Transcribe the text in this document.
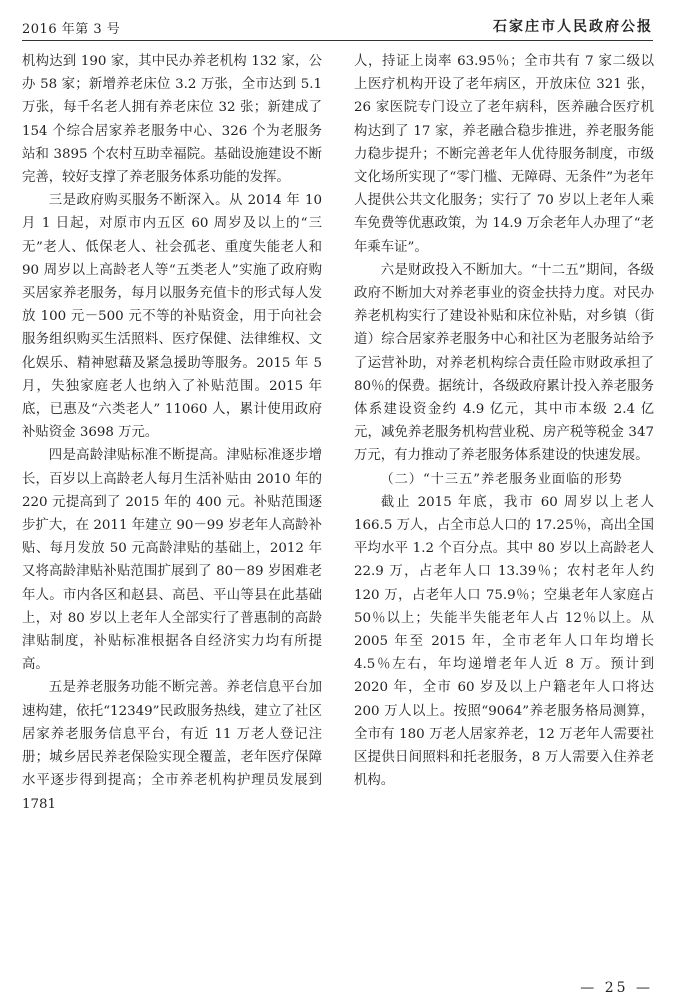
2016 年第 3 号	石家庄市人民政府公报

机构达到 190 家，其中民办养老机构 132 家，公办 58 家；新增养老床位 3.2 万张，全市达到 5.1 万张，每千名老人拥有养老床位 32 张；新建成了 154 个综合居家养老服务中心、326 个为老服务站和 3895 个农村互助幸福院。基础设施建设不断完善，较好支撑了养老服务体系功能的发挥。

三是政府购买服务不断深入。从 2014 年 10 月 1 日起，对原市内五区 60 周岁及以上的“三无”老人、低保老人、社会孤老、重度失能老人和 90 周岁以上高龄老人等“五类老人”实施了政府购买居家养老服务，每月以服务充值卡的形式每人发放 100 元－500 元不等的补贴资金，用于向社会服务组织购买生活照料、医疗保健、法律维权、文化娱乐、精神慰藉及紧急援助等服务。2015 年 5 月，失独家庭老人也纳入了补贴范围。2015 年底，已惠及“六类老人” 11060 人，累计使用政府补贴资金 3698 万元。

四是高龄津贴标准不断提高。津贴标准逐步增长，百岁以上高龄老人每月生活补贴由 2010 年的 220 元提高到了 2015 年的 400 元。补贴范围逐步扩大，在 2011 年建立 90－99 岁老年人高龄补贴、每月发放 50 元高龄津贴的基础上，2012 年又将高龄津贴补贴范围扩展到了 80－89 岁困难老年人。市内各区和赵县、高邑、平山等县在此基础上，对 80 岁以上老年人全部实行了普惠制的高龄津贴制度，补贴标准根据各自经济实力均有所提高。

五是养老服务功能不断完善。养老信息平台加速构建，依托“12349”民政服务热线，建立了社区居家养老服务信息平台，有近 11 万老人登记注册；城乡居民养老保险实现全覆盖，老年医疗保障水平逐步得到提高；全市养老机构护理员发展到 1781

人，持证上岗率 63.95％；全市共有 7 家二级以上医疗机构开设了老年病区，开放床位 321 张，26 家医院专门设立了老年病科，医养融合医疗机构达到了 17 家，养老融合稳步推进，养老服务能力稳步提升；不断完善老年人优待服务制度，市级文化场所实现了“零门槛、无障碍、无条件”为老年人提供公共文化服务；实行了 70 岁以上老年人乘车免费等优惠政策，为 14.9 万余老年人办理了“老年乘车证”。

六是财政投入不断加大。“十二五”期间，各级政府不断加大对养老事业的资金扶持力度。对民办养老机构实行了建设补贴和床位补贴，对乡镇（街道）综合居家养老服务中心和社区为老服务站给予了运营补助，对养老机构综合责任险市财政承担了 80％的保费。据统计，各级政府累计投入养老服务体系建设资金约 4.9 亿元，其中市本级 2.4 亿元，减免养老服务机构营业税、房产税等税金 347 万元，有力推动了养老服务体系建设的快速发展。

（二）“十三五”养老服务业面临的形势

截止 2015 年底，我市 60 周岁以上老人 166.5 万人，占全市总人口的 17.25％，高出全国平均水平 1.2 个百分点。其中 80 岁以上高龄老人 22.9 万，占老年人口 13.39％；农村老年人约 120 万，占老年人口 75.9％；空巢老年人家庭占 50％以上；失能半失能老年人占 12％以上。从 2005 年至 2015 年，全市老年人口年均增长 4.5％左右，年均递增老年人近 8 万。预计到 2020 年，全市 60 岁及以上户籍老年人口将达 200 万人以上。按照“9064”养老服务格局测算，全市有 180 万老人居家养老，12 万老年人需要社区提供日间照料和托老服务，8 万人需要入住养老机构。

— 25 —
